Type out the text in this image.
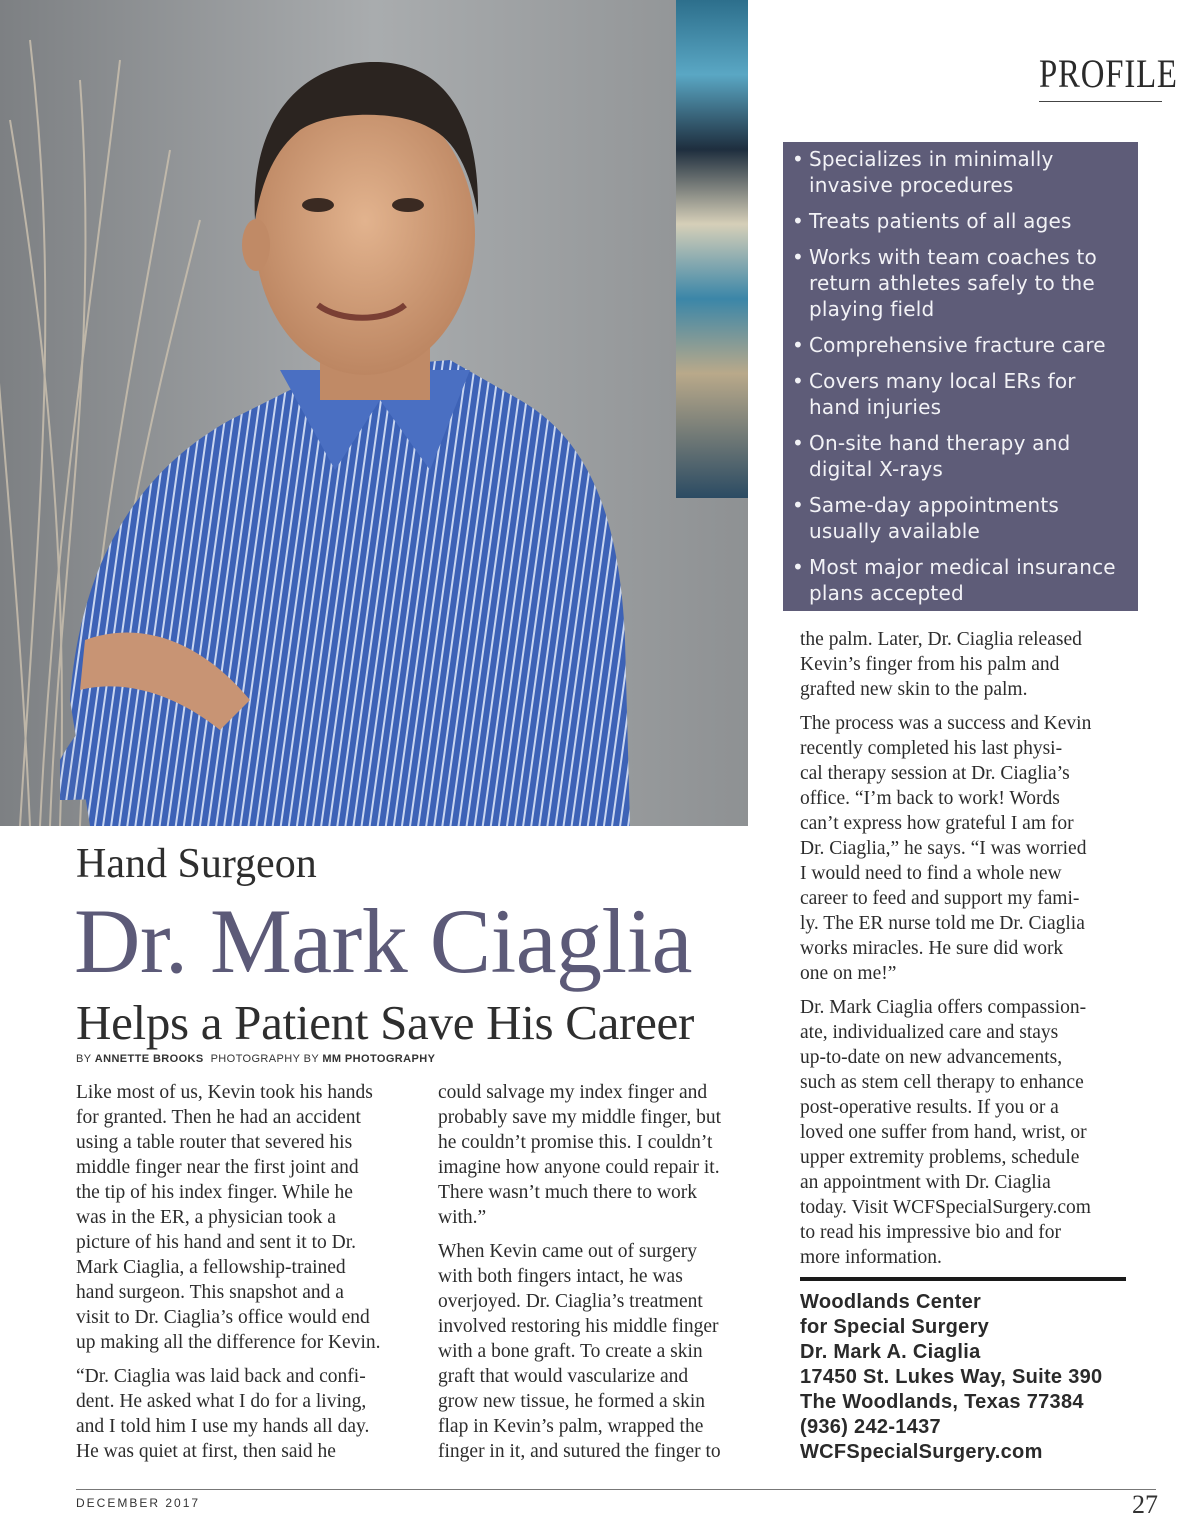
PROFILE
• Specializes in minimally invasive procedures
• Treats patients of all ages
• Works with team coaches to return athletes safely to the playing field
• Comprehensive fracture care
• Covers many local ERs for hand injuries
• On-site hand therapy and digital X-rays
• Same-day appointments usually available
• Most major medical insurance plans accepted
Hand Surgeon
Dr. Mark Ciaglia
Helps a Patient Save His Career
BY ANNETTE BROOKS PHOTOGRAPHY BY MM PHOTOGRAPHY

Like most of us, Kevin took his hands
for granted. Then he had an accident
using a table router that severed his
middle finger near the first joint and
the tip of his index finger. While he
was in the ER, a physician took a
picture of his hand and sent it to Dr.
Mark Ciaglia, a fellowship-trained
hand surgeon. This snapshot and a
visit to Dr. Ciaglia’s office would end
up making all the difference for Kevin.

“Dr. Ciaglia was laid back and confi-
dent. He asked what I do for a living,
and I told him I use my hands all day.
He was quiet at first, then said he

could salvage my index finger and
probably save my middle finger, but
he couldn’t promise this. I couldn’t
imagine how anyone could repair it.
There wasn’t much there to work
with.”

When Kevin came out of surgery
with both fingers intact, he was
overjoyed. Dr. Ciaglia’s treatment
involved restoring his middle finger
with a bone graft. To create a skin
graft that would vascularize and
grow new tissue, he formed a skin
flap in Kevin’s palm, wrapped the
finger in it, and sutured the finger to

the palm. Later, Dr. Ciaglia released
Kevin’s finger from his palm and
grafted new skin to the palm.

The process was a success and Kevin
recently completed his last physi-
cal therapy session at Dr. Ciaglia’s
office. “I’m back to work! Words
can’t express how grateful I am for
Dr. Ciaglia,” he says. “I was worried
I would need to find a whole new
career to feed and support my fami-
ly. The ER nurse told me Dr. Ciaglia
works miracles. He sure did work
one on me!”

Dr. Mark Ciaglia offers compassion-
ate, individualized care and stays
up-to-date on new advancements,
such as stem cell therapy to enhance
post-operative results. If you or a
loved one suffer from hand, wrist, or
upper extremity problems, schedule
an appointment with Dr. Ciaglia
today. Visit WCFSpecialSurgery.com
to read his impressive bio and for
more information.

Woodlands Center
for Special Surgery
Dr. Mark A. Ciaglia
17450 St. Lukes Way, Suite 390
The Woodlands, Texas 77384
(936) 242-1437
WCFSpecialSurgery.com
DECEMBER 2017	27
